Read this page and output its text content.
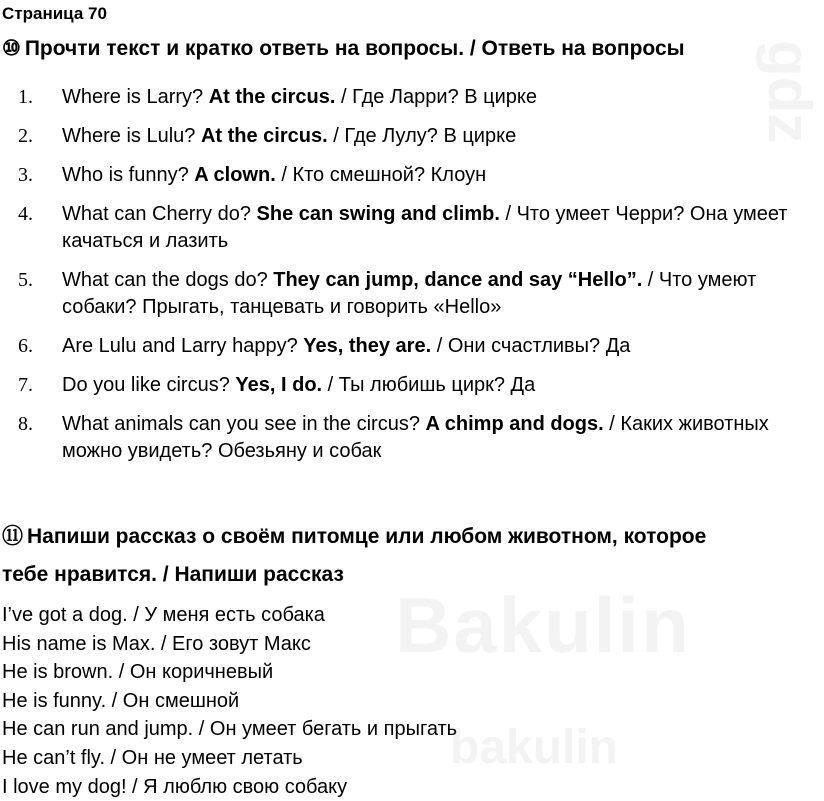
Bakulin
bakulin
gdz

Страница 70

⑩ Прочти текст и кратко ответь на вопросы. / Ответь на вопросы

1. Where is Larry? At the circus. / Где Ларри? В цирке
2. Where is Lulu? At the circus. / Где Лулу? В цирке
3. Who is funny? A clown. / Кто смешной? Клоун
4. What can Cherry do? She can swing and climb. / Что умеет Черри? Она умеет качаться и лазить
5. What can the dogs do? They can jump, dance and say “Hello”. / Что умеют собаки? Прыгать, танцевать и говорить «Hello»
6. Are Lulu and Larry happy? Yes, they are. / Они счастливы? Да
7. Do you like circus? Yes, I do. / Ты любишь цирк? Да
8. What animals can you see in the circus? A chimp and dogs. / Каких животных можно увидеть? Обезьяну и собак

⑪ Напиши рассказ о своём питомце или любом животном, которое

тебе нравится. / Напиши рассказ

I’ve got a dog. / У меня есть собака
His name is Max. / Его зовут Макс
He is brown. / Он коричневый
He is funny. / Он смешной
He can run and jump. / Он умеет бегать и прыгать
He can’t fly. / Он не умеет летать
I love my dog! / Я люблю свою собаку
